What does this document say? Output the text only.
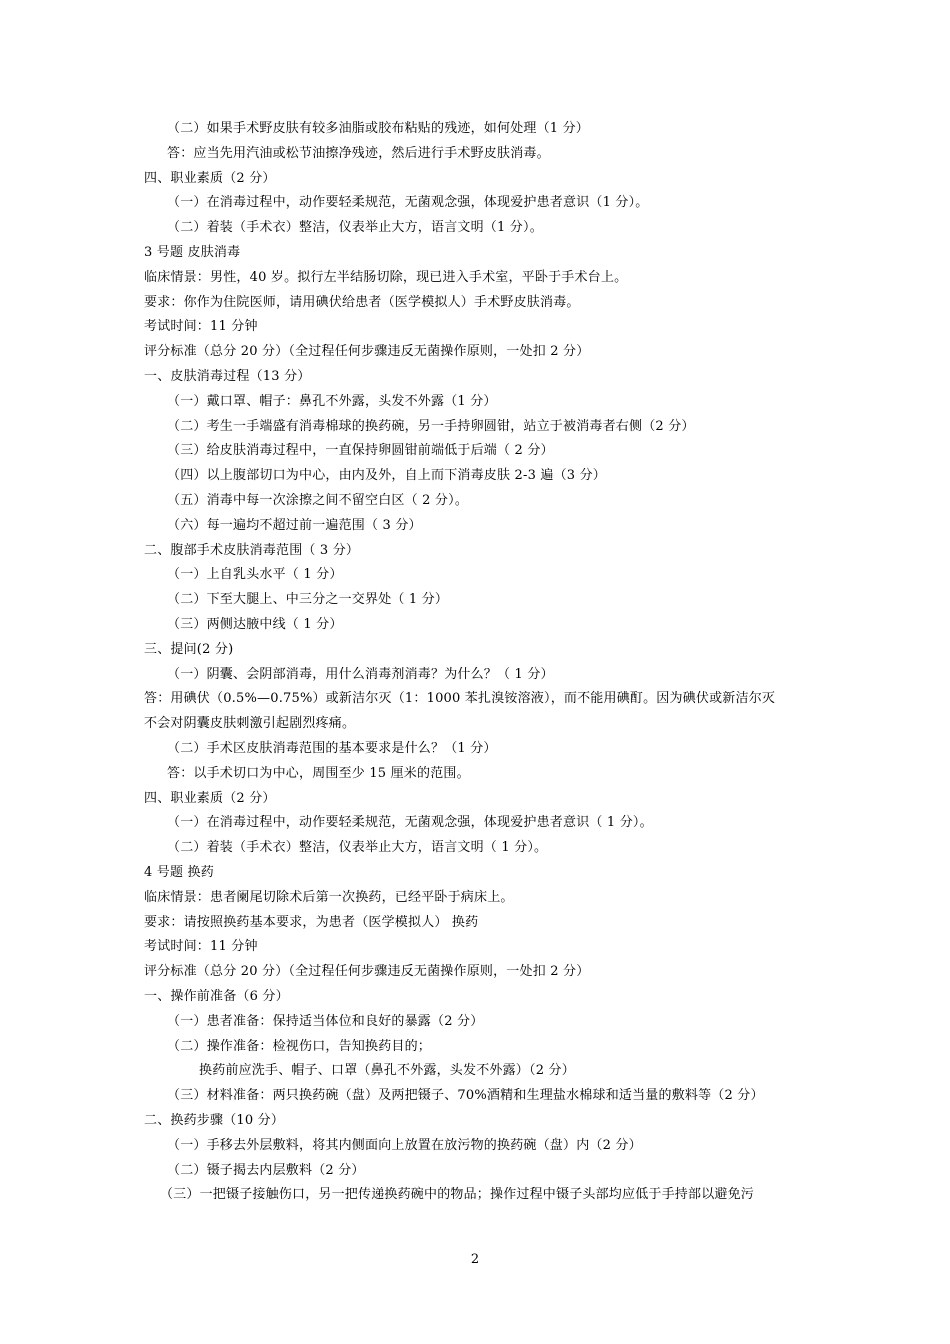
（二）如果手术野皮肤有较多油脂或胶布粘贴的残迹，如何处理（1 分）
答：应当先用汽油或松节油擦净残迹，然后进行手术野皮肤消毒。
四、职业素质（2 分）
（一）在消毒过程中，动作要轻柔规范，无菌观念强，体现爱护患者意识（1 分）。
（二）着装（手术衣）整洁，仪表举止大方，语言文明（1 分）。
3 号题 皮肤消毒
临床情景：男性，40 岁。拟行左半结肠切除，现已进入手术室，平卧于手术台上。
要求：你作为住院医师，请用碘伏给患者（医学模拟人）手术野皮肤消毒。
考试时间：11 分钟
评分标准（总分 20 分）（全过程任何步骤违反无菌操作原则，一处扣 2 分）
一、皮肤消毒过程（13 分）
（一）戴口罩、帽子：鼻孔不外露，头发不外露（1 分）
（二）考生一手端盛有消毒棉球的换药碗，另一手持卵圆钳，站立于被消毒者右侧（2 分）
（三）给皮肤消毒过程中，一直保持卵圆钳前端低于后端（ 2 分）
（四）以上腹部切口为中心，由内及外，自上而下消毒皮肤 2-3 遍（3 分）
（五）消毒中每一次涂擦之间不留空白区（ 2 分）。
（六）每一遍均不超过前一遍范围（ 3 分）
二、腹部手术皮肤消毒范围（ 3 分）
（一）上自乳头水平（ 1 分）
（二）下至大腿上、中三分之一交界处（ 1 分）
（三）两侧达腋中线（ 1 分）
三、提问(2 分)
（一）阴囊、会阴部消毒，用什么消毒剂消毒？为什么？（ 1 分）
答：用碘伏（0.5%—0.75%）或新洁尔灭（1：1000 苯扎溴铵溶液），而不能用碘酊。因为碘伏或新洁尔灭
不会对阴囊皮肤刺激引起剧烈疼痛。
（二）手术区皮肤消毒范围的基本要求是什么？（1 分）
答：以手术切口为中心，周围至少 15 厘米的范围。
四、职业素质（2 分）
（一）在消毒过程中，动作要轻柔规范，无菌观念强，体现爱护患者意识（ 1 分）。
（二）着装（手术衣）整洁，仪表举止大方，语言文明（ 1 分）。
4 号题 换药
临床情景：患者阑尾切除术后第一次换药，已经平卧于病床上。
要求：请按照换药基本要求，为患者（医学模拟人） 换药
考试时间：11 分钟
评分标准（总分 20 分）（全过程任何步骤违反无菌操作原则，一处扣 2 分）
一、操作前准备（6 分）
（一）患者准备：保持适当体位和良好的暴露（2 分）
（二）操作准备：检视伤口，告知换药目的；
换药前应洗手、帽子、口罩（鼻孔不外露，头发不外露）（2 分）
（三）材料准备：两只换药碗（盘）及两把镊子、70%酒精和生理盐水棉球和适当量的敷料等（2 分）
二、换药步骤（10 分）
（一）手移去外层敷料，将其内侧面向上放置在放污物的换药碗（盘）内（2 分）
（二）镊子揭去内层敷料（2 分）
（三）一把镊子接触伤口，另一把传递换药碗中的物品；操作过程中镊子头部均应低于手持部以避免污
2
